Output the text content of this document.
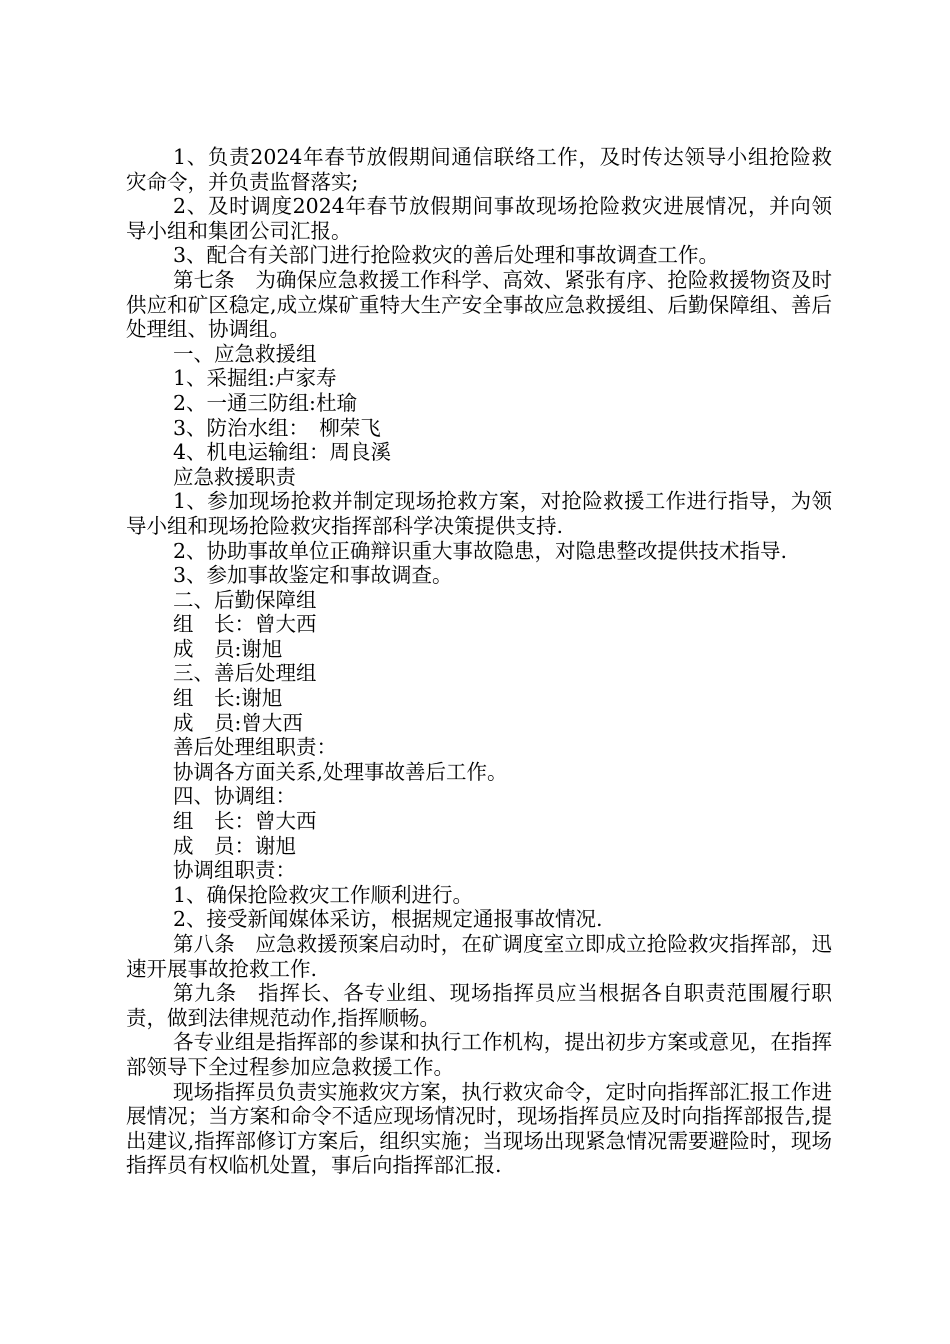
1、负责2024年春节放假期间通信联络工作，及时传达领导小组抢险救灾命令，并负责监督落实;

2、及时调度2024年春节放假期间事故现场抢险救灾进展情况，并向领导小组和集团公司汇报。

3、配合有关部门进行抢险救灾的善后处理和事故调查工作。

第七条　为确保应急救援工作科学、高效、紧张有序、抢险救援物资及时供应和矿区稳定,成立煤矿重特大生产安全事故应急救援组、后勤保障组、善后处理组、协调组。

一、应急救援组

1、采掘组:卢家寿

2、一通三防组:杜瑜

3、防治水组：　柳荣飞

4、机电运输组：周良溪

应急救援职责

1、参加现场抢救并制定现场抢救方案，对抢险救援工作进行指导，为领导小组和现场抢险救灾指挥部科学决策提供支持.

2、协助事故单位正确辩识重大事故隐患，对隐患整改提供技术指导.

3、参加事故鉴定和事故调查。

二、后勤保障组

组　长：曾大西

成　员:谢旭

三、善后处理组

组　长:谢旭

成　员:曾大西

善后处理组职责：

协调各方面关系,处理事故善后工作。

四、协调组：

组　长：曾大西

成　员：谢旭

协调组职责：

1、确保抢险救灾工作顺利进行。

2、接受新闻媒体采访，根据规定通报事故情况.

第八条　应急救援预案启动时，在矿调度室立即成立抢险救灾指挥部，迅速开展事故抢救工作.

第九条　指挥长、各专业组、现场指挥员应当根据各自职责范围履行职责，做到法律规范动作,指挥顺畅。

各专业组是指挥部的参谋和执行工作机构，提出初步方案或意见，在指挥部领导下全过程参加应急救援工作。

现场指挥员负责实施救灾方案，执行救灾命令，定时向指挥部汇报工作进展情况；当方案和命令不适应现场情况时，现场指挥员应及时向指挥部报告,提出建议,指挥部修订方案后，组织实施；当现场出现紧急情况需要避险时，现场指挥员有权临机处置，事后向指挥部汇报.
